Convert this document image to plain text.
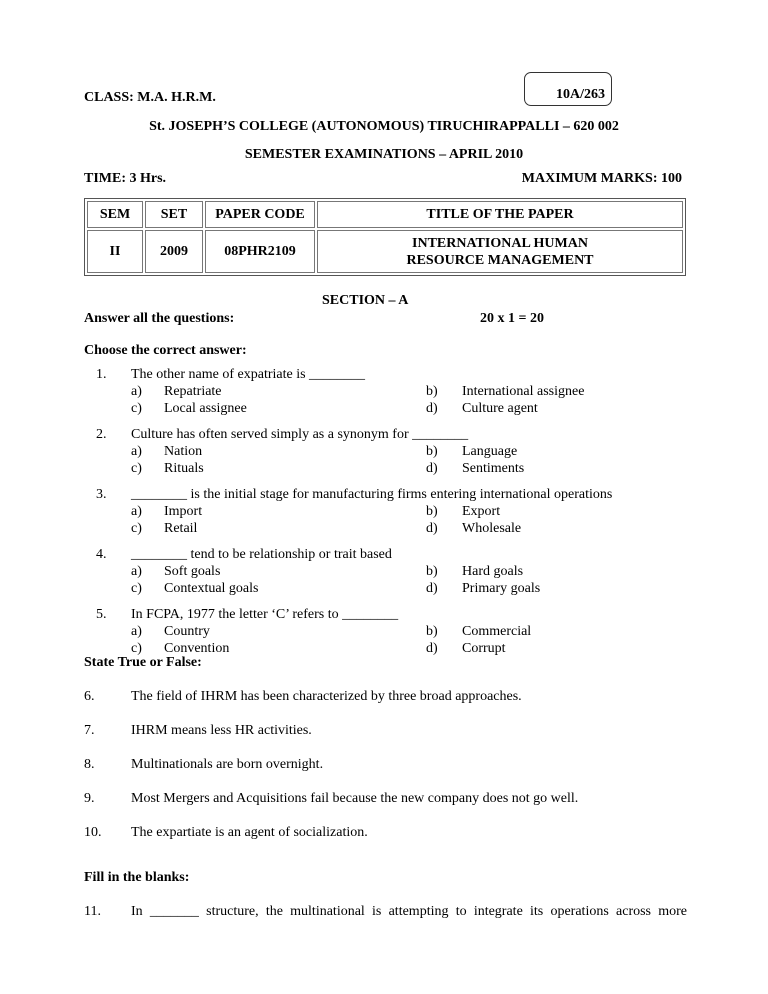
CLASS: M.A. H.R.M.	10A/263
St. JOSEPH’S COLLEGE (AUTONOMOUS) TIRUCHIRAPPALLI – 620 002
SEMESTER EXAMINATIONS – APRIL 2010
TIME: 3 Hrs.	MAXIMUM MARKS: 100
SEM	SET	PAPER CODE	TITLE OF THE PAPER
II	2009	08PHR2109	INTERNATIONAL HUMAN RESOURCE MANAGEMENT
SECTION – A
Answer all the questions:	20 x 1 = 20
Choose the correct answer:
1. The other name of expatriate is ________
a) Repatriate	b) International assignee
c) Local assignee	d) Culture agent
2. Culture has often served simply as a synonym for ________
a) Nation	b) Language
c) Rituals	d) Sentiments
3. ________ is the initial stage for manufacturing firms entering international operations
a) Import	b) Export
c) Retail	d) Wholesale
4. ________ tend to be relationship or trait based
a) Soft goals	b) Hard goals
c) Contextual goals	d) Primary goals
5. In FCPA, 1977 the letter ‘C’ refers to ________
a) Country	b) Commercial
c) Convention	d) Corrupt
State True or False:
6.	The field of IHRM has been characterized by three broad approaches.
7.	IHRM means less HR activities.
8.	Multinationals are born overnight.
9.	Most Mergers and Acquisitions fail because the new company does not go well.
10. The expartiate is an agent of socialization.
Fill in the blanks:
11. In _______ structure, the multinational is attempting to integrate its operations across more
